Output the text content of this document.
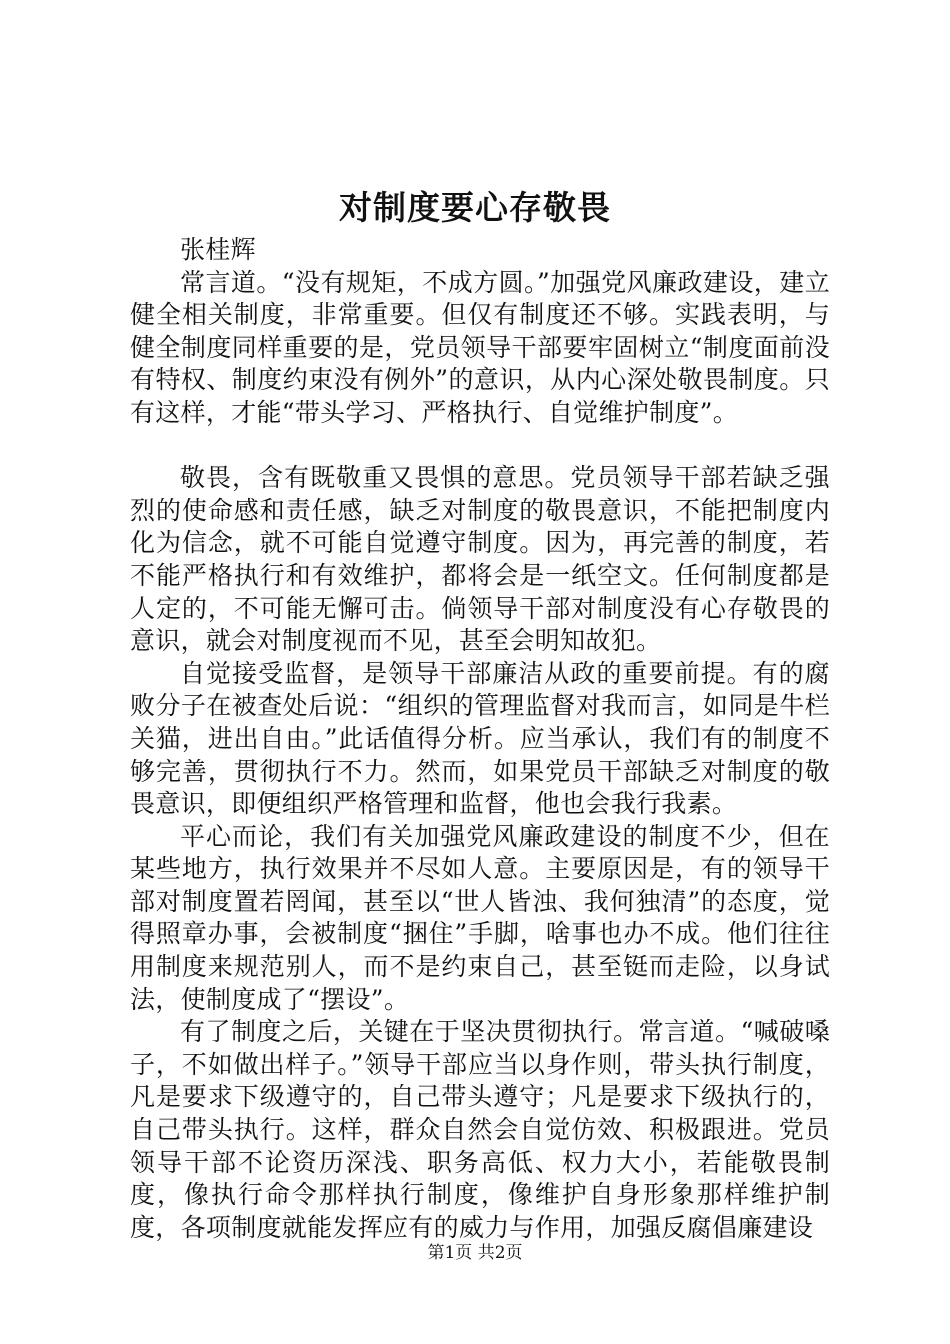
对制度要心存敬畏

张桂辉

常言道。“没有规矩，不成方圆。”加强党风廉政建设，建立健全相关制度，非常重要。但仅有制度还不够。实践表明，与健全制度同样重要的是，党员领导干部要牢固树立“制度面前没有特权、制度约束没有例外”的意识，从内心深处敬畏制度。只有这样，才能“带头学习、严格执行、自觉维护制度”。

敬畏，含有既敬重又畏惧的意思。党员领导干部若缺乏强烈的使命感和责任感，缺乏对制度的敬畏意识，不能把制度内化为信念，就不可能自觉遵守制度。因为，再完善的制度，若不能严格执行和有效维护，都将会是一纸空文。任何制度都是人定的，不可能无懈可击。倘领导干部对制度没有心存敬畏的意识，就会对制度视而不见，甚至会明知故犯。

自觉接受监督，是领导干部廉洁从政的重要前提。有的腐败分子在被查处后说：“组织的管理监督对我而言，如同是牛栏关猫，进出自由。”此话值得分析。应当承认，我们有的制度不够完善，贯彻执行不力。然而，如果党员干部缺乏对制度的敬畏意识，即便组织严格管理和监督，他也会我行我素。

平心而论，我们有关加强党风廉政建设的制度不少，但在某些地方，执行效果并不尽如人意。主要原因是，有的领导干部对制度置若罔闻，甚至以“世人皆浊、我何独清”的态度，觉得照章办事，会被制度“捆住”手脚，啥事也办不成。他们往往用制度来规范别人，而不是约束自己，甚至铤而走险，以身试法，使制度成了“摆设”。

有了制度之后，关键在于坚决贯彻执行。常言道。“喊破嗓子，不如做出样子。”领导干部应当以身作则，带头执行制度，凡是要求下级遵守的，自己带头遵守；凡是要求下级执行的，自己带头执行。这样，群众自然会自觉仿效、积极跟进。党员领导干部不论资历深浅、职务高低、权力大小，若能敬畏制度，像执行命令那样执行制度，像维护自身形象那样维护制度，各项制度就能发挥应有的威力与作用，加强反腐倡廉建设

第1页 共2页
